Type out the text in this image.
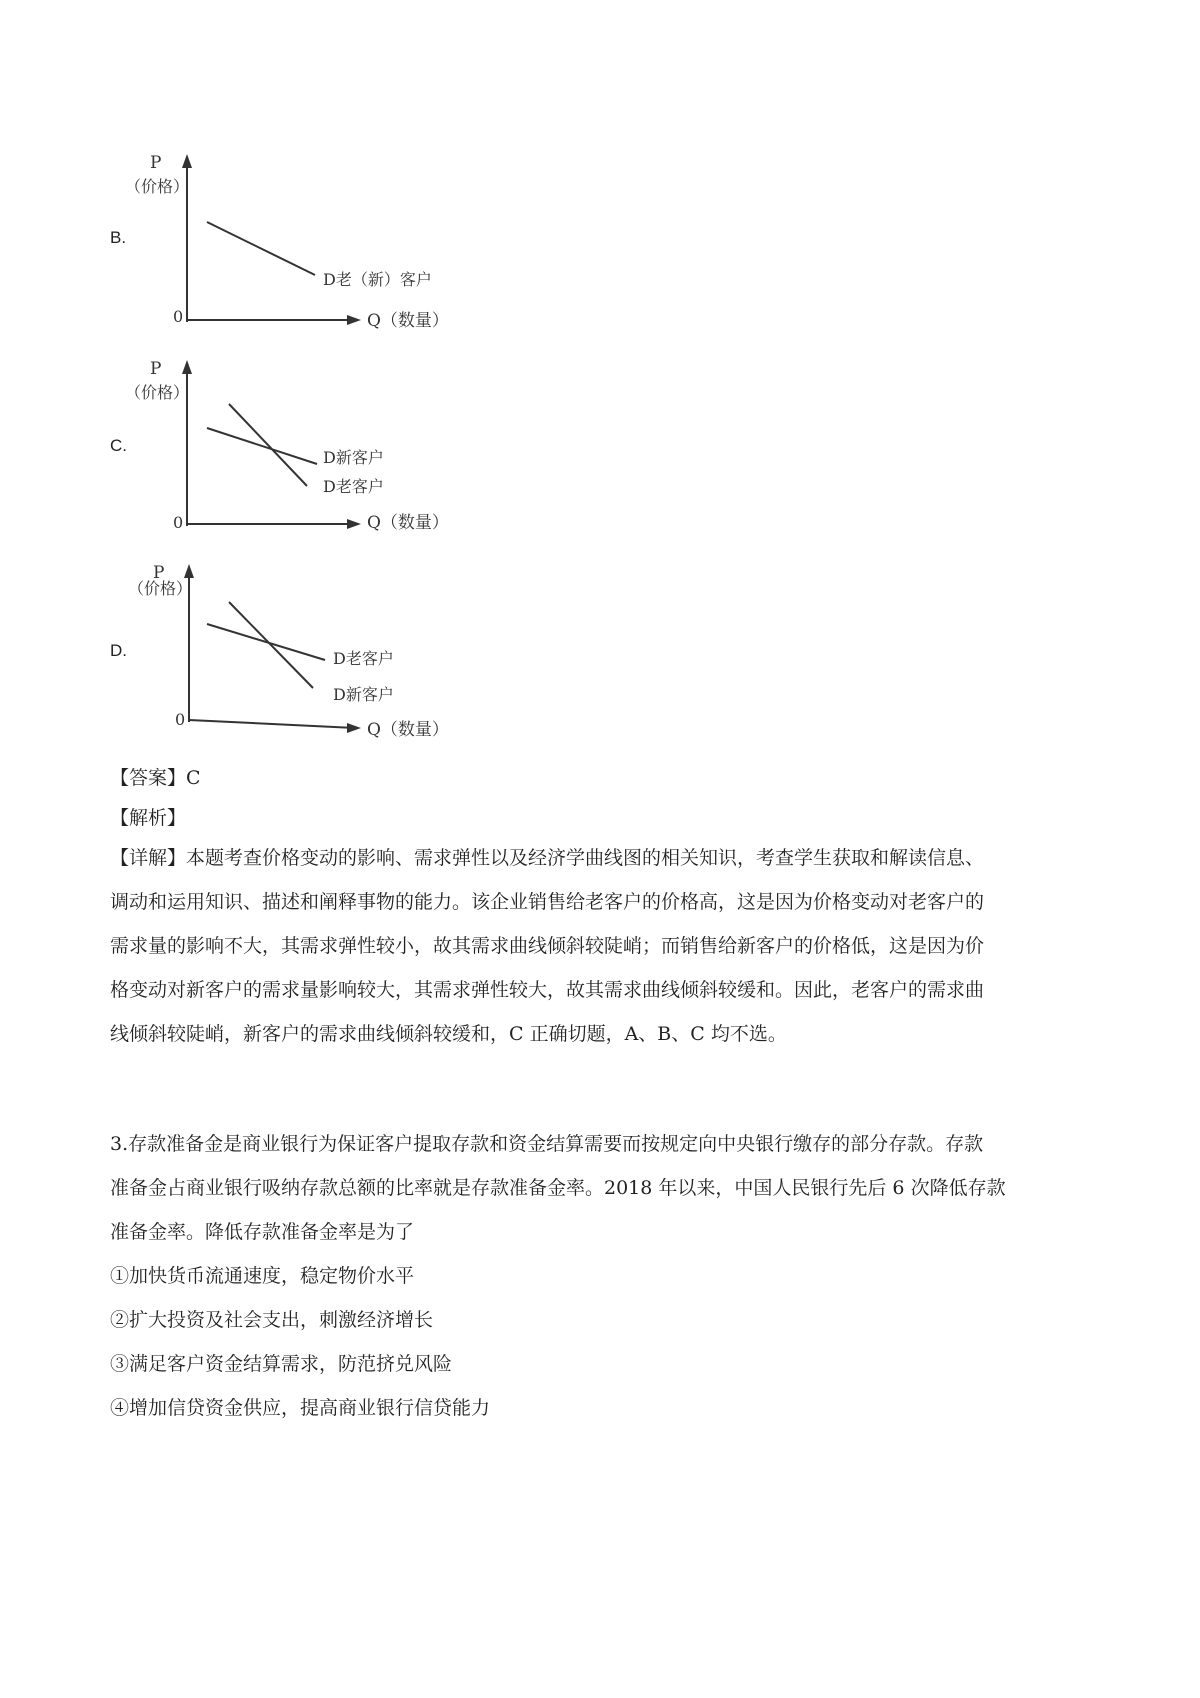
B.
P
（价格）
0	Q（数量）
D老（新）客户
C.
P
（价格）
0	Q（数量）
D新客户
D老客户
D.
P
（价格）
0
Q（数量）
D老客户
D新客户
【答案】C
【解析】
【详解】本题考查价格变动的影响、需求弹性以及经济学曲线图的相关知识，考查学生获取和解读信息、
调动和运用知识、描述和阐释事物的能力。该企业销售给老客户的价格高，这是因为价格变动对老客户的
需求量的影响不大，其需求弹性较小，故其需求曲线倾斜较陡峭；而销售给新客户的价格低，这是因为价
格变动对新客户的需求量影响较大，其需求弹性较大，故其需求曲线倾斜较缓和。因此，老客户的需求曲
线倾斜较陡峭，新客户的需求曲线倾斜较缓和，C 正确切题，A、B、C 均不选。
3.存款准备金是商业银行为保证客户提取存款和资金结算需要而按规定向中央银行缴存的部分存款。存款
准备金占商业银行吸纳存款总额的比率就是存款准备金率。2018 年以来，中国人民银行先后 6 次降低存款
准备金率。降低存款准备金率是为了
①加快货币流通速度，稳定物价水平
②扩大投资及社会支出，刺激经济增长
③满足客户资金结算需求，防范挤兑风险
④增加信贷资金供应，提高商业银行信贷能力
